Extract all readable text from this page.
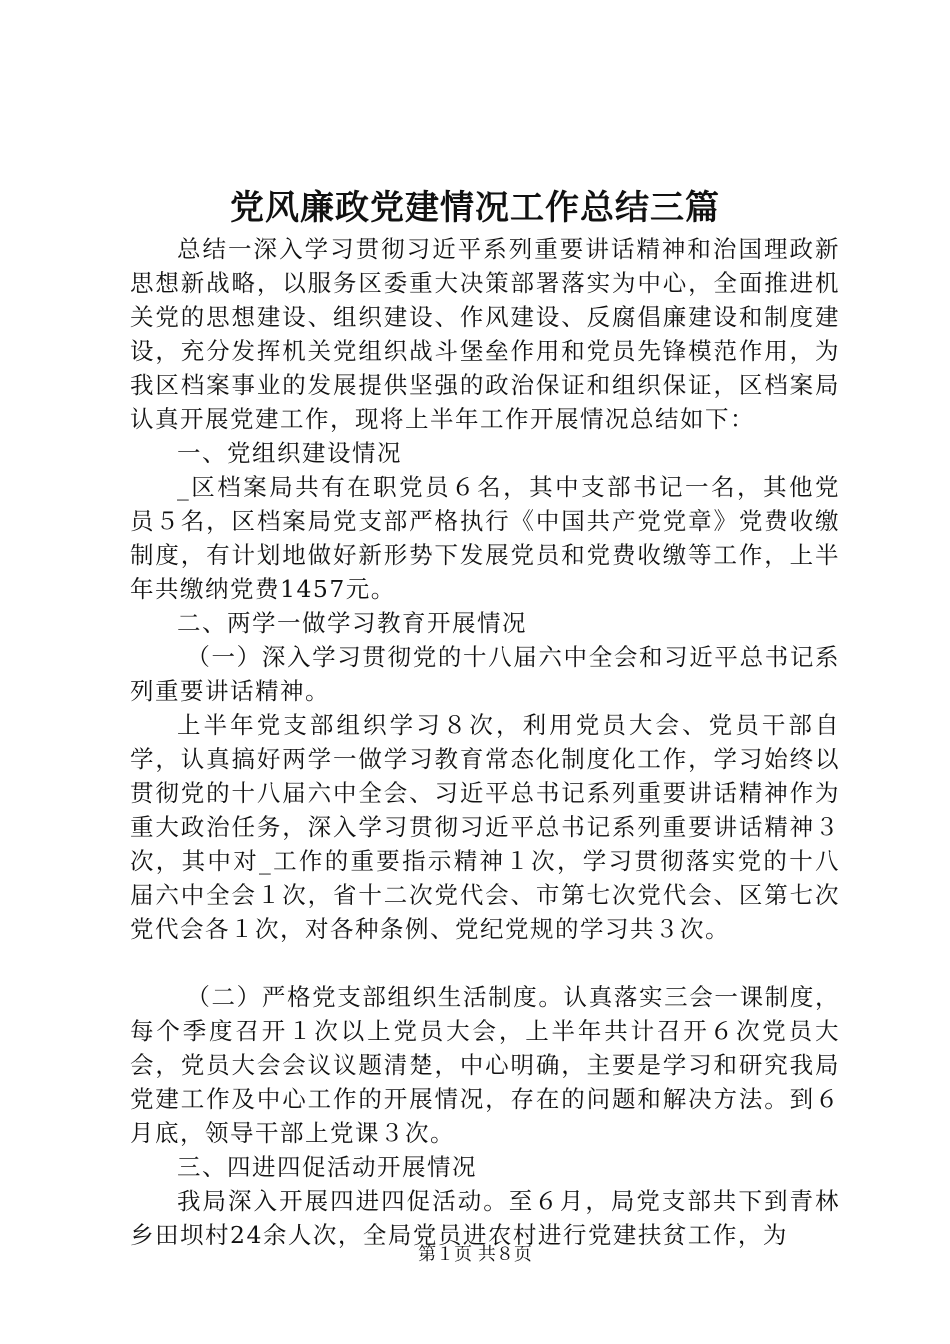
党风廉政党建情况工作总结三篇

总结一深入学习贯彻习近平系列重要讲话精神和治国理政新思想新战略，以服务区委重大决策部署落实为中心，全面推进机关党的思想建设、组织建设、作风建设、反腐倡廉建设和制度建设，充分发挥机关党组织战斗堡垒作用和党员先锋模范作用，为我区档案事业的发展提供坚强的政治保证和组织保证，区档案局认真开展党建工作，现将上半年工作开展情况总结如下：

一、党组织建设情况

_区档案局共有在职党员６名，其中支部书记一名，其他党员５名，区档案局党支部严格执行《中国共产党党章》党费收缴制度，有计划地做好新形势下发展党员和党费收缴等工作，上半年共缴纳党费1457元。

二、两学一做学习教育开展情况

（一）深入学习贯彻党的十八届六中全会和习近平总书记系列重要讲话精神。

上半年党支部组织学习８次，利用党员大会、党员干部自学，认真搞好两学一做学习教育常态化制度化工作，学习始终以贯彻党的十八届六中全会、习近平总书记系列重要讲话精神作为重大政治任务，深入学习贯彻习近平总书记系列重要讲话精神３次，其中对_工作的重要指示精神１次，学习贯彻落实党的十八届六中全会１次，省十二次党代会、市第七次党代会、区第七次党代会各１次，对各种条例、党纪党规的学习共３次。

（二）严格党支部组织生活制度。认真落实三会一课制度，每个季度召开１次以上党员大会，上半年共计召开６次党员大会，党员大会会议议题清楚，中心明确，主要是学习和研究我局党建工作及中心工作的开展情况，存在的问题和解决方法。到６月底，领导干部上党课３次。

三、四进四促活动开展情况

我局深入开展四进四促活动。至６月，局党支部共下到青林乡田坝村24余人次，全局党员进农村进行党建扶贫工作，为

第１页 共８页
